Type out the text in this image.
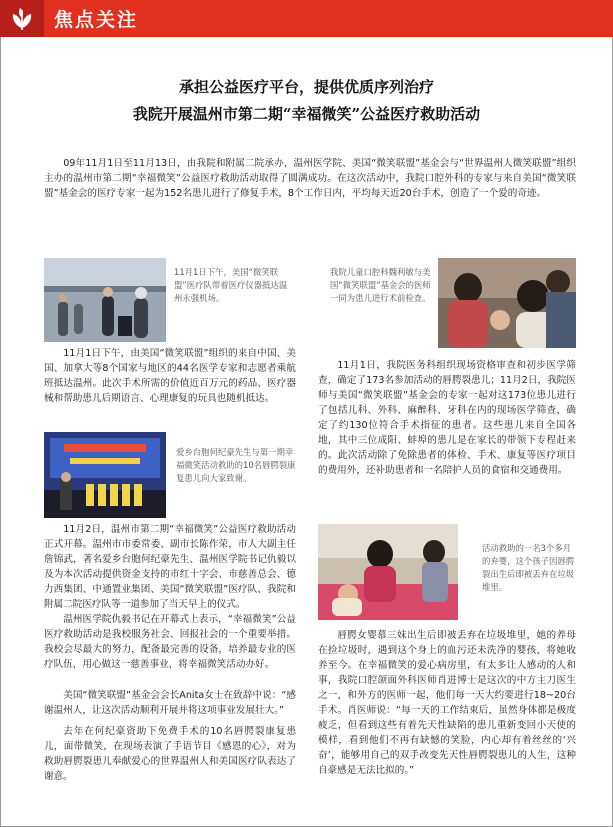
焦点关注
承担公益医疗平台，提供优质序列治疗
我院开展温州市第二期“幸福微笑”公益医疗救助活动

09年11月1日至11月13日，由我院和附属二院承办，温州医学院、美国“微笑联盟”基金会与“世界温州人微笑联盟”组织主办的温州市第二期“幸福微笑”公益医疗救助活动取得了圆满成功。在这次活动中，我院口腔外科的专家与来自美国“微笑联盟”基金会的医疗专家一起为152名患儿进行了修复手术，8个工作日内，平均每天近20台手术，创造了一个爱的奇迹。

11月1日下午，美国“微笑联盟”医疗队带着医疗仪器抵达温州永强机场。

我院儿童口腔科魏利敏与美国“微笑联盟”基金会的医师一同为患儿进行术前检查。

11月1日下午，由美国“微笑联盟”组织的来自中国、美国、加拿大等8个国家与地区的44名医学专家和志愿者乘航班抵达温州。此次手术所需的价值近百万元的药品、医疗器械和帮助患儿后期语言、心理康复的玩具也随机抵达。

11月1日，我院医务科组织现场资格审查和初步医学筛查，确定了173名参加活动的唇腭裂患儿；11月2日，我院医师与美国“微笑联盟”基金会的专家一起对这173位患儿进行了包括儿科、外科、麻醉科、牙科在内的现场医学筛查，确定了约130位符合手术指征的患者。这些患儿来自全国各地，其中三位成阳、蚌埠的患儿是在家长的带领下专程赶来的。此次活动除了免除患者的体检、手术、康复等医疗项目的费用外，还补助患者和一名陪护人员的食宿和交通费用。

爱乡台胞何纪豪先生与第一期幸福微笑活动救助的10名唇腭裂康复患儿向大家致谢。

11月2日，温州市第二期“幸福微笑”公益医疗救助活动正式开幕。温州市市委常委、副市长陈作荣，市人大副主任詹锦武，著名爱乡台胞何纪豪先生、温州医学院书记仇毅以及为本次活动提供资金支持的市红十字会、市慈善总会、德力西集团、中通置业集团、美国“微笑联盟”医疗队、我院和附属二院医疗队等一道参加了当天早上的仪式。

活动救助的一名3个多月的弃婴，这个孩子因唇腭裂出生后即被丢弃在垃圾堆里。

温州医学院仇毅书记在开幕式上表示，“幸福微笑”公益医疗救助活动是我校服务社会、回报社会的一个重要举措。我校会尽最大的努力，配备最完善的设备，培养最专业的医疗队伍，用心做这一慈善事业，将幸福微笑活动办好。

美国“微笑联盟”基金会会长Anita女士在致辞中说：“感谢温州人，让这次活动顺利开展并将这项事业发展壮大。”

去年在何纪豪资助下免费手术的10名唇腭裂康复患儿，面带微笑，在现场表演了手语节目《感恩的心》，对为救助唇腭裂患儿奉献爱心的世界温州人和美国医疗队表达了谢意。

唇腭女婴慕三妹出生后即被丢弃在垃圾堆里，她的养母在捡垃圾时，遇到这个身上的血污还未洗净的婴孩，将她收养至今。在幸福微笑的爱心病房里，有太多让人感动的人和事，我院口腔颌面外科医师肖进博士是这次的中方主刀医生之一，和外方的医师一起，他们每一天大约要进行18~20台手术。肖医师说：“每一天的工作结束后，虽然身体都是极度疲乏，但看到这些有着先天性缺陷的患儿重新变回小天使的模样，看到他们不再有缺憾的笑脸，内心却有着丝丝的‘兴奋’，能够用自己的双手改变先天性唇腭裂患儿的人生，这种自豪感是无法比拟的。”
